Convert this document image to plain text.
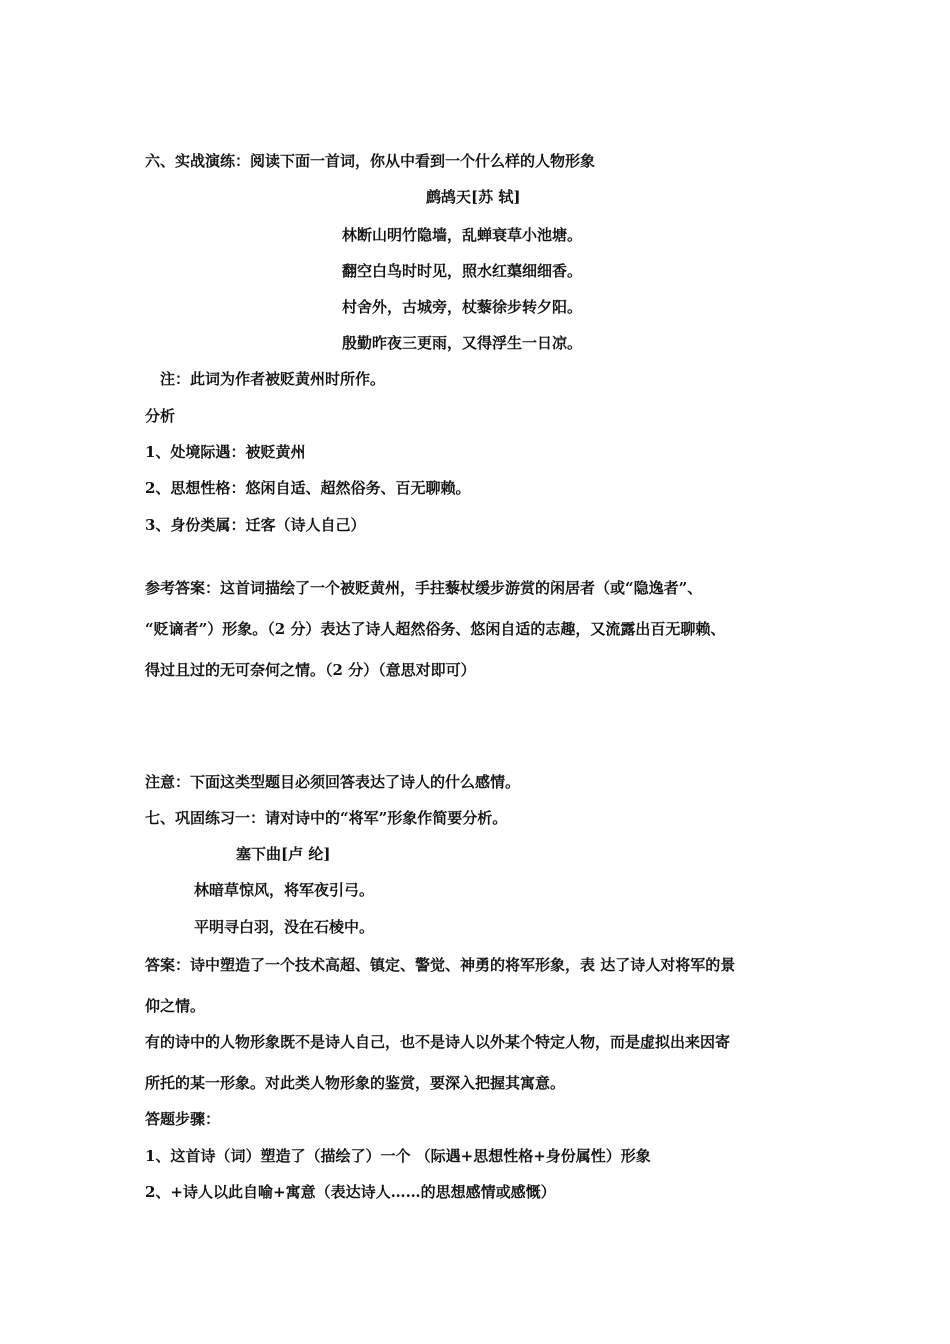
六、实战演练：阅读下面一首词，你从中看到一个什么样的人物形象

鹧鸪天[苏 轼]

林断山明竹隐墙，乱蝉衰草小池塘。

翻空白鸟时时见，照水红蕖细细香。

村舍外，古城旁，杖藜徐步转夕阳。

殷勤昨夜三更雨，又得浮生一日凉。

注：此词为作者被贬黄州时所作。

分析

1、处境际遇：被贬黄州

2、思想性格：悠闲自适、超然俗务、百无聊赖。

3、身份类属：迁客（诗人自己）

参考答案：这首词描绘了一个被贬黄州，手拄藜杖缓步游赏的闲居者（或“隐逸者”、

“贬谪者”）形象。（2 分）表达了诗人超然俗务、悠闲自适的志趣，又流露出百无聊赖、

得过且过的无可奈何之情。（2 分）（意思对即可）

注意：下面这类型题目必须回答表达了诗人的什么感情。

七、巩固练习一：请对诗中的“将军”形象作简要分析。

塞下曲[卢 纶]

林暗草惊风，将军夜引弓。

平明寻白羽，没在石棱中。

答案：诗中塑造了一个技术高超、镇定、警觉、神勇的将军形象，表 达了诗人对将军的景

仰之情。

有的诗中的人物形象既不是诗人自己，也不是诗人以外某个特定人物，而是虚拟出来因寄

所托的某一形象。对此类人物形象的鉴赏，要深入把握其寓意。

答题步骤：

1、这首诗（词）塑造了（描绘了）一个 （际遇+思想性格+身份属性）形象

2、+诗人以此自喻+寓意（表达诗人……的思想感情或感慨）
